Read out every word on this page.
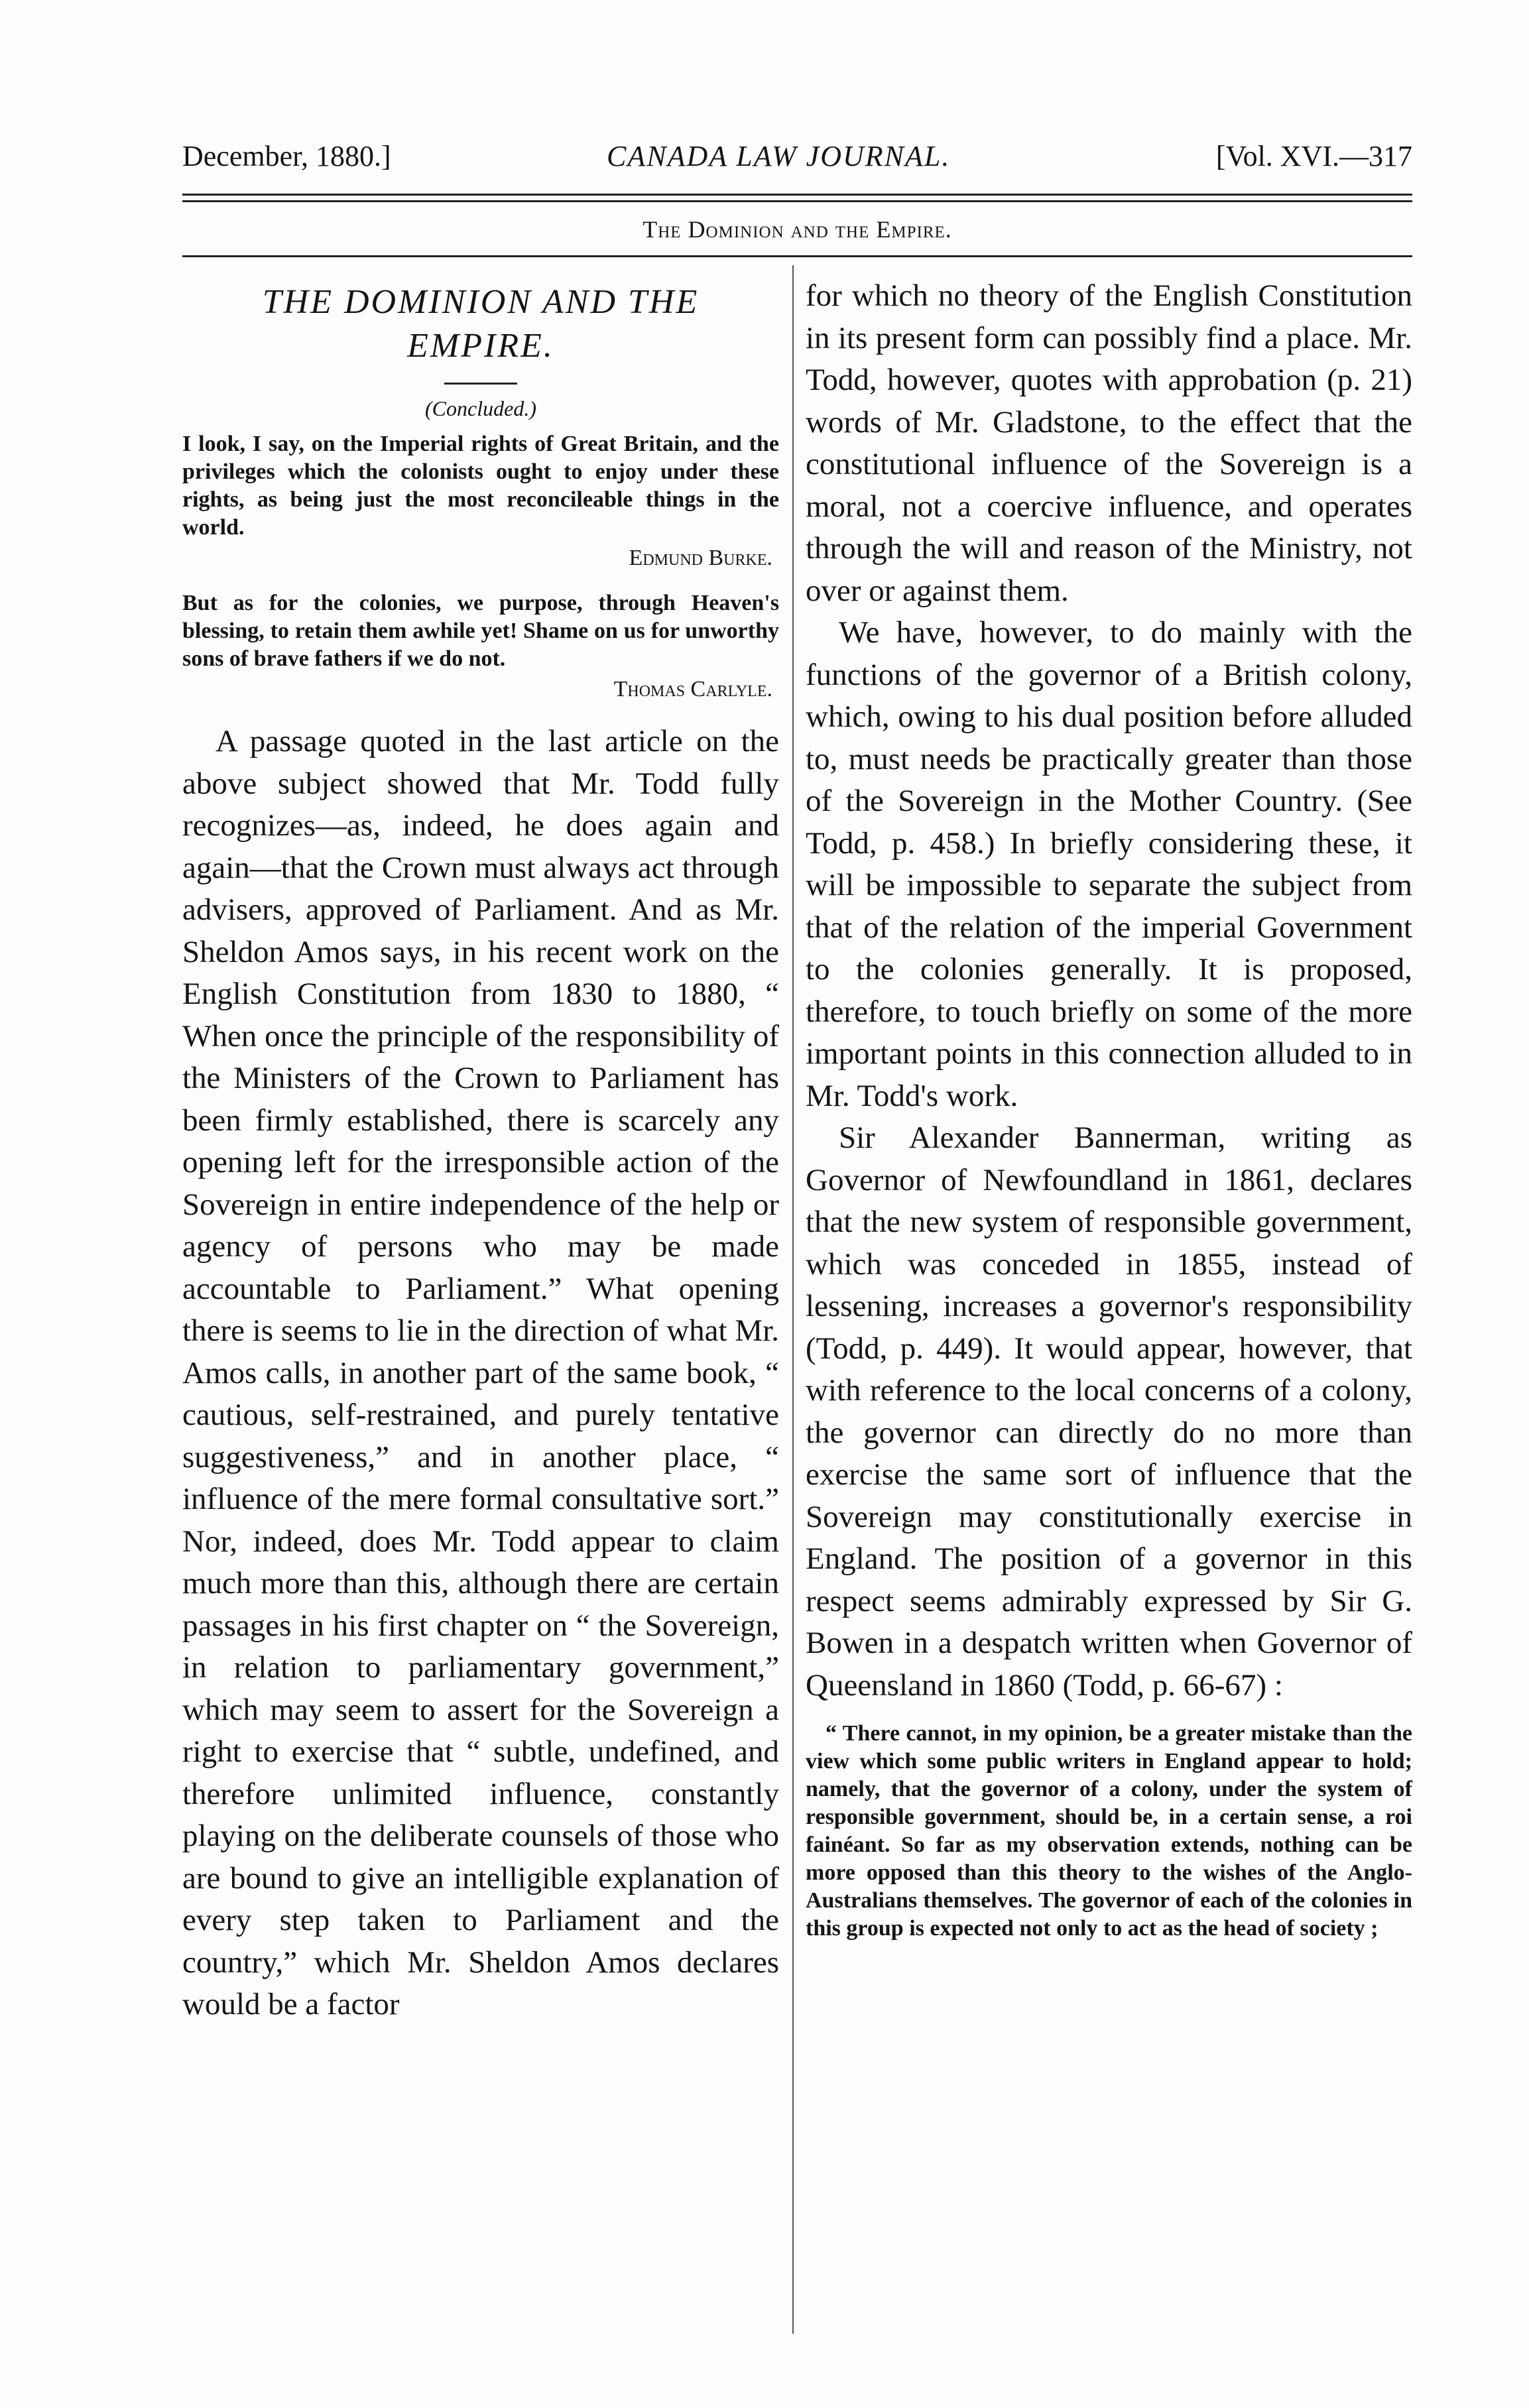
December, 1880.]	CANADA LAW JOURNAL.	[Vol. XVI.—317
The Dominion and the Empire.
THE DOMINION AND THE
EMPIRE.
(Concluded.)

I look, I say, on the Imperial rights of Great Britain, and the privileges which the colonists ought to enjoy under these rights, as being just the most reconcileable things in the world.

Edmund Burke.

But as for the colonies, we purpose, through Heaven's blessing, to retain them awhile yet! Shame on us for unworthy sons of brave fathers if we do not.

Thomas Carlyle.

A passage quoted in the last article on the above subject showed that Mr. Todd fully recognizes—as, indeed, he does again and again—that the Crown must always act through advisers, approved of Parliament. And as Mr. Sheldon Amos says, in his recent work on the English Constitution from 1830 to 1880, “ When once the principle of the responsibility of the Ministers of the Crown to Parliament has been firmly established, there is scarcely any opening left for the irresponsible action of the Sovereign in entire independence of the help or agency of persons who may be made accountable to Parliament.” What opening there is seems to lie in the direction of what Mr. Amos calls, in another part of the same book, “ cautious, self-restrained, and purely tentative suggestiveness,” and in another place, “ influence of the mere formal consultative sort.” Nor, indeed, does Mr. Todd appear to claim much more than this, although there are certain passages in his first chapter on “ the Sovereign, in relation to parliamentary government,” which may seem to assert for the Sovereign a right to exercise that “ subtle, undefined, and therefore unlimited influence, constantly playing on the deliberate counsels of those who are bound to give an intelligible explanation of every step taken to Parliament and the country,” which Mr. Sheldon Amos declares would be a factor

for which no theory of the English Constitution in its present form can possibly find a place. Mr. Todd, however, quotes with approbation (p. 21) words of Mr. Gladstone, to the effect that the constitutional influence of the Sovereign is a moral, not a coercive influence, and operates through the will and reason of the Ministry, not over or against them.

We have, however, to do mainly with the functions of the governor of a British colony, which, owing to his dual position before alluded to, must needs be practically greater than those of the Sovereign in the Mother Country. (See Todd, p. 458.) In briefly considering these, it will be impossible to separate the subject from that of the relation of the imperial Government to the colonies generally. It is proposed, therefore, to touch briefly on some of the more important points in this connection alluded to in Mr. Todd's work.

Sir Alexander Bannerman, writing as Governor of Newfoundland in 1861, declares that the new system of responsible government, which was conceded in 1855, instead of lessening, increases a governor's responsibility (Todd, p. 449). It would appear, however, that with reference to the local concerns of a colony, the governor can directly do no more than exercise the same sort of influence that the Sovereign may constitutionally exercise in England. The position of a governor in this respect seems admirably expressed by Sir G. Bowen in a despatch written when Governor of Queensland in 1860 (Todd, p. 66-67) :

“ There cannot, in my opinion, be a greater mistake than the view which some public writers in England appear to hold; namely, that the governor of a colony, under the system of responsible government, should be, in a certain sense, a roi fainéant. So far as my observation extends, nothing can be more opposed than this theory to the wishes of the Anglo-Australians themselves. The governor of each of the colonies in this group is expected not only to act as the head of society ;
